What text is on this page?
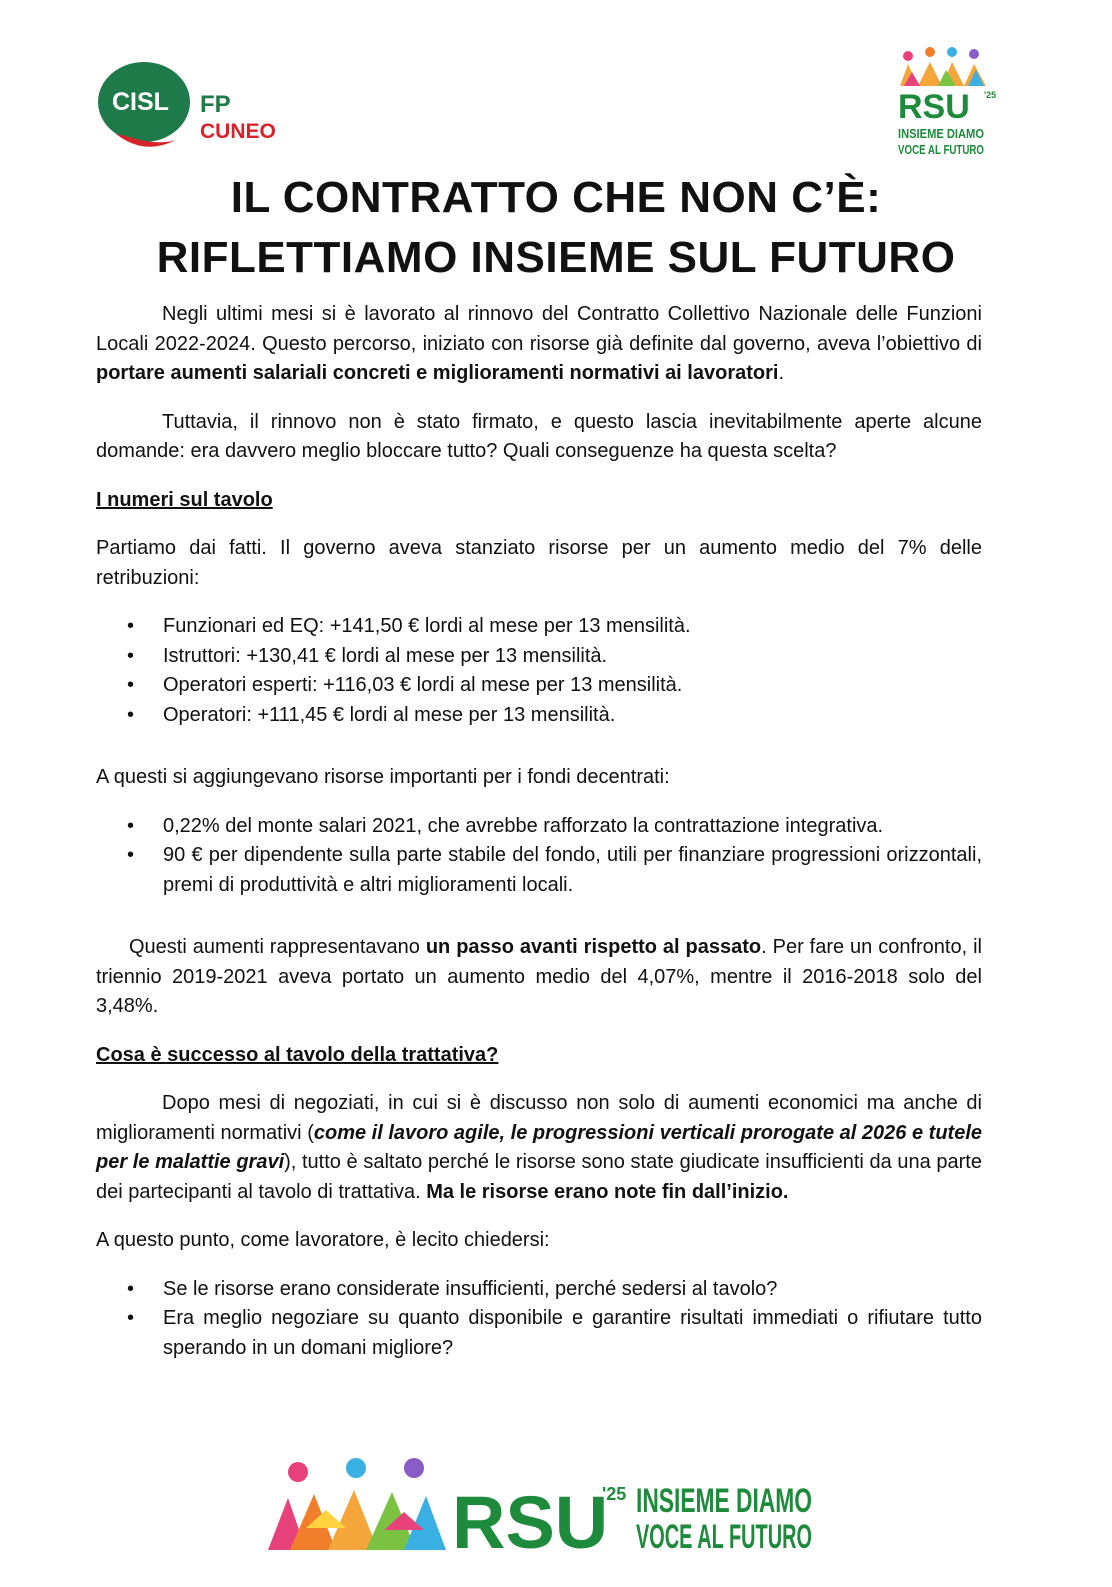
CISL FP
CUNEO
RSU '25
INSIEME DIAMO
VOCE AL FUTURO
IL CONTRATTO CHE NON C’È:
RIFLETTIAMO INSIEME SUL FUTURO

Negli ultimi mesi si è lavorato al rinnovo del Contratto Collettivo Nazionale delle Funzioni Locali 2022-2024. Questo percorso, iniziato con risorse già definite dal governo, aveva l’obiettivo di portare aumenti salariali concreti e miglioramenti normativi ai lavoratori.

Tuttavia, il rinnovo non è stato firmato, e questo lascia inevitabilmente aperte alcune domande: era davvero meglio bloccare tutto? Quali conseguenze ha questa scelta?

I numeri sul tavolo

Partiamo dai fatti. Il governo aveva stanziato risorse per un aumento medio del 7% delle retribuzioni:

• Funzionari ed EQ: +141,50 € lordi al mese per 13 mensilità.
• Istruttori: +130,41 € lordi al mese per 13 mensilità.
• Operatori esperti: +116,03 € lordi al mese per 13 mensilità.
• Operatori: +111,45 € lordi al mese per 13 mensilità.

A questi si aggiungevano risorse importanti per i fondi decentrati:

• 0,22% del monte salari 2021, che avrebbe rafforzato la contrattazione integrativa.
• 90 € per dipendente sulla parte stabile del fondo, utili per finanziare progressioni orizzontali, premi di produttività e altri miglioramenti locali.

Questi aumenti rappresentavano un passo avanti rispetto al passato. Per fare un confronto, il triennio 2019-2021 aveva portato un aumento medio del 4,07%, mentre il 2016-2018 solo del 3,48%.

Cosa è successo al tavolo della trattativa?

Dopo mesi di negoziati, in cui si è discusso non solo di aumenti economici ma anche di miglioramenti normativi (come il lavoro agile, le progressioni verticali prorogate al 2026 e tutele per le malattie gravi), tutto è saltato perché le risorse sono state giudicate insufficienti da una parte dei partecipanti al tavolo di trattativa. Ma le risorse erano note fin dall’inizio.

A questo punto, come lavoratore, è lecito chiedersi:

• Se le risorse erano considerate insufficienti, perché sedersi al tavolo?
• Era meglio negoziare su quanto disponibile e garantire risultati immediati o rifiutare tutto sperando in un domani migliore?
RSU
'25 INSIEME DIAMO
VOCE AL FUTURO
